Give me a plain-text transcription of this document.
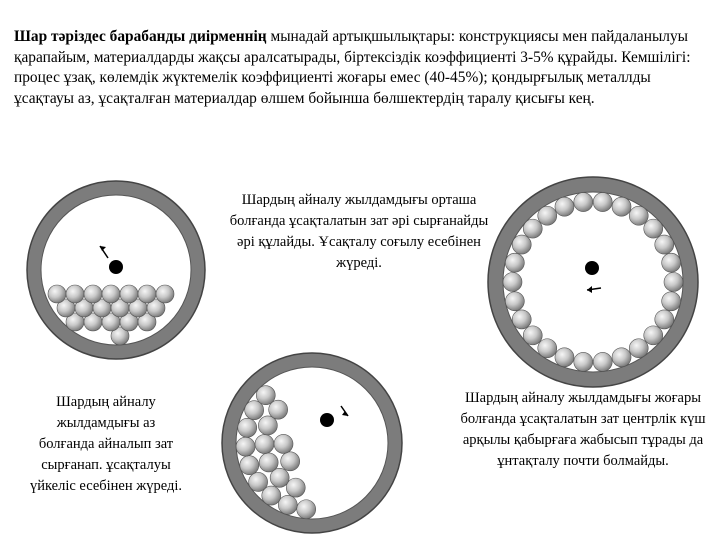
Шар тәріздес барабанды диірменнің мынадай артықшылықтары: конструкциясы мен пайдаланылуы қарапайым, материалдарды жақсы аралсатырады, біртексіздік коэффициенті 3-5% құрайды. Кемшілігі: процес ұзақ, көлемдік жүктемелік коэффициенті жоғары емес (40-45%); қондырғылық металлды ұсақтауы аз, ұсақталған материалдар өлшем бойынша бөлшектердің таралу қисығы кең.
Шардың айналу жылдамдығы орташа болғанда ұсақталатын зат әрі сырғанайды әрі құлайды. Ұсақталу соғылу есебінен жүреді.
Шардың айналу жылдамдығы аз болғанда айналып зат сырғанап. ұсақталуы үйкеліс есебінен жүреді.
Шардың айналу жылдамдығы жоғары болғанда ұсақталатын зат центрлік күш арқылы қабырғаға жабысып тұрады да ұнтақталу почти болмайды.
